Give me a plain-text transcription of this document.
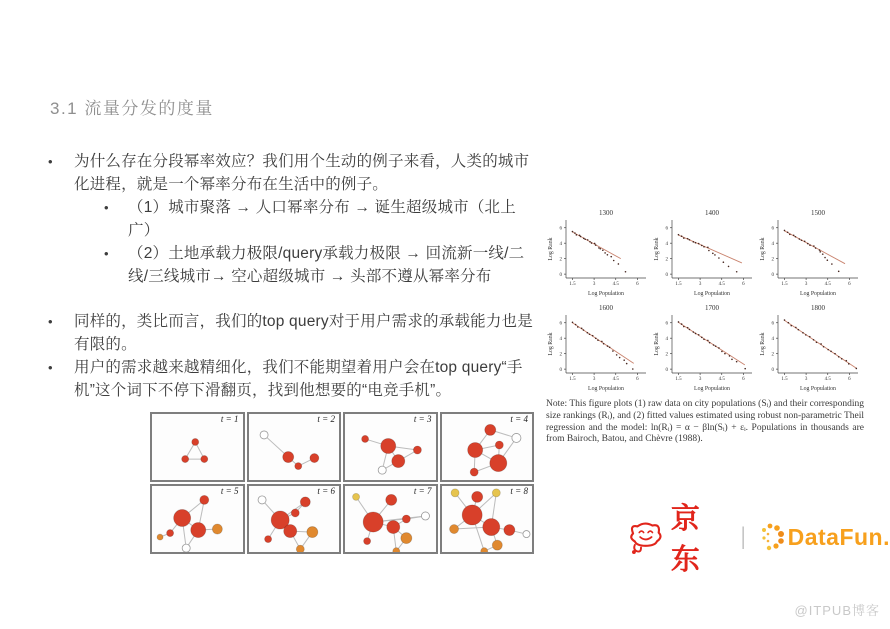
3.1 流量分发的度量
•	为什么存在分段幂率效应？我们用个生动的例子来看，人类的城市化进程，就是一个幂率分布在生活中的例子。
•	（1）城市聚落 → 人口幂率分布 → 诞生超级城市（北上广）
•	（2）土地承载力极限/query承载力极限 → 回流新一线/二线/三线城市→ 空心超级城市 → 头部不遵从幂率分布
•	同样的，类比而言，我们的top query对于用户需求的承载能力也是有限的。
•	用户的需求越来越精细化，我们不能期望着用户会在top query“手机”这个词下不停下滑翻页，找到他想要的“电竞手机”。
1300
1.5	3	4.5	6
0
2
4
6
Log Population
Log Rank
1400
1.5	3	4.5	6
0
2
4
6
Log Population
Log Rank
1500
1.5	3	4.5	6
0
2
4
6
Log Population
Log Rank
1600
1.5	3	4.5	6
0
2
4
6
Log Population
Log Rank
1700
1.5	3	4.5	6
0
2
4
6
Log Population
Log Rank
1800
1.5	3	4.5	6
0
2
4
6
Log Population
Log Rank
Note: This figure plots (1) raw data on city populations (Sᵢ) and their corresponding size rankings (Rᵢ), and (2) fitted values estimated using robust non-parametric Theil regression and the model: ln(Rᵢ) = α − βln(Sᵢ) + εᵢ. Populations in thousands are from Bairoch, Batou, and Chèvre (1988).
t = 1	t = 2	t = 3	t = 4
t = 5	t = 6	t = 7	t = 8
京东
| DataFun.
@ITPUB博客
